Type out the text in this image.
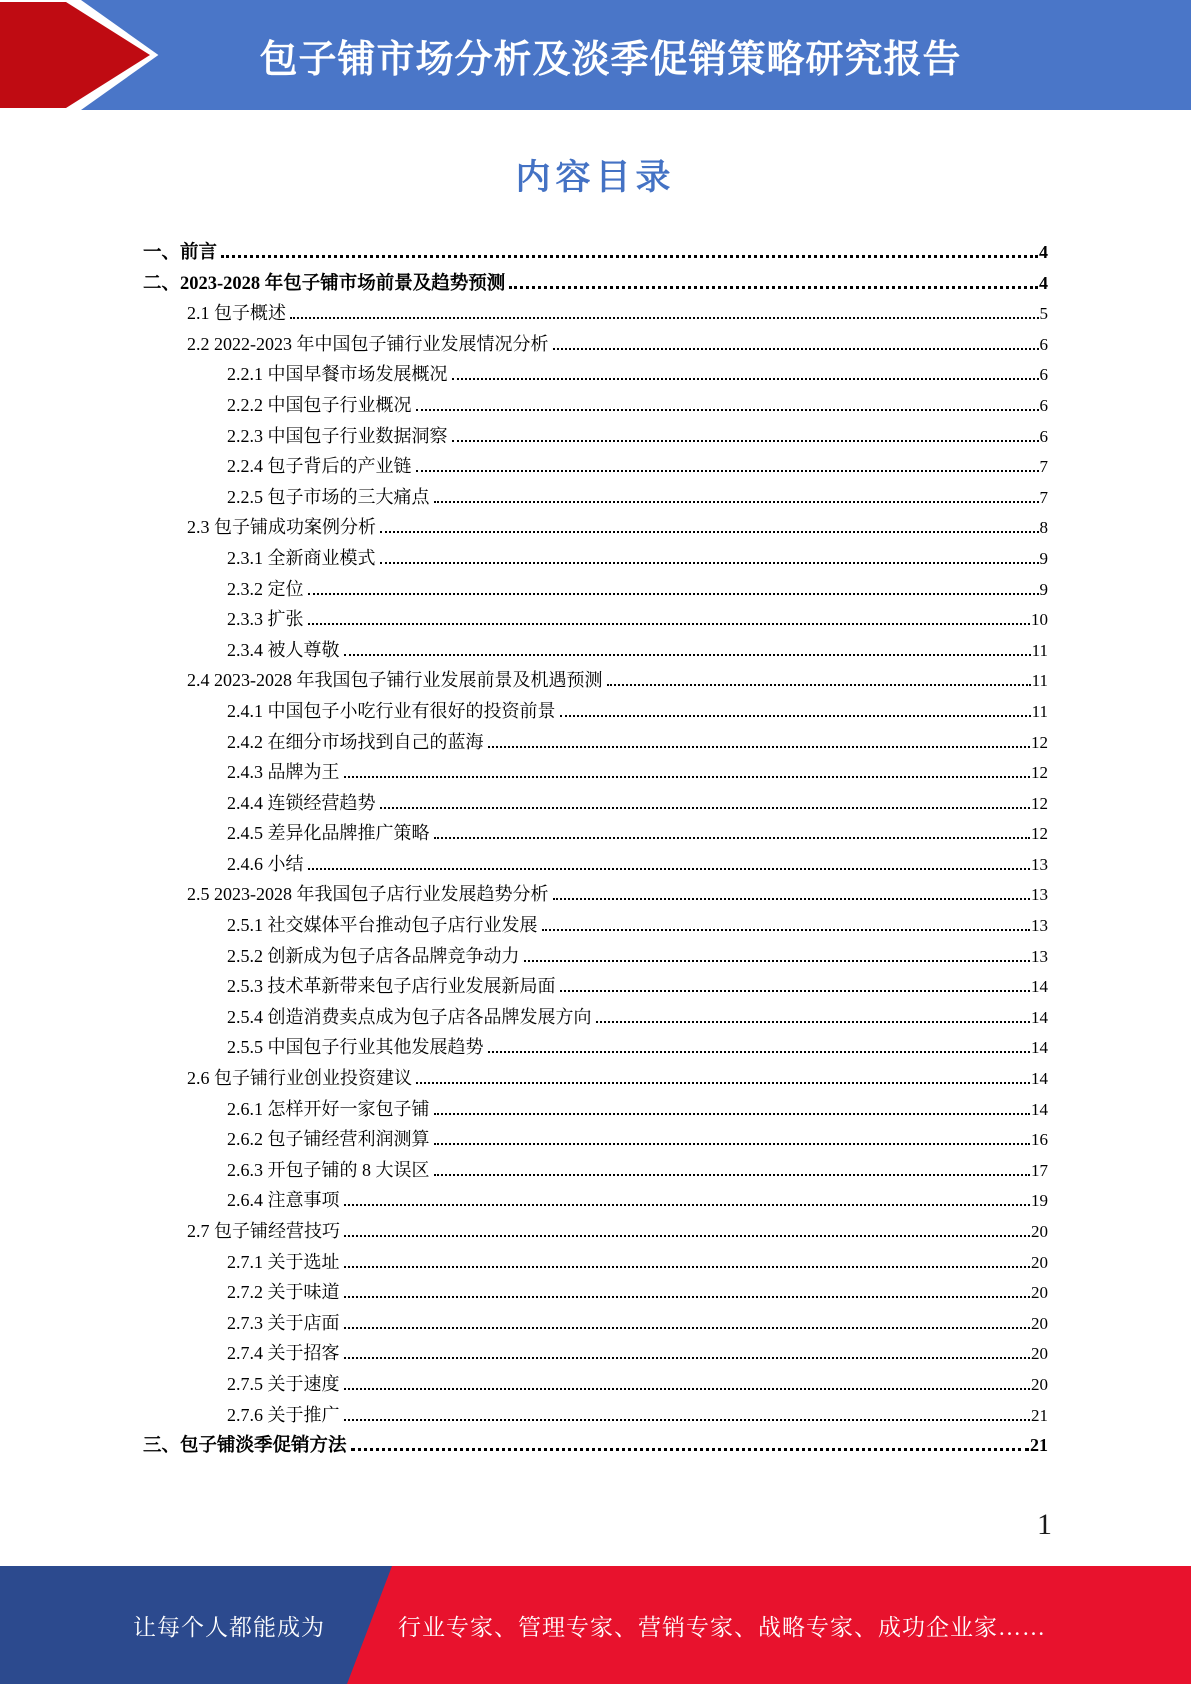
包子铺市场分析及淡季促销策略研究报告
内容目录
一、前言	4
二、2023-2028 年包子铺市场前景及趋势预测	4
2.1 包子概述	5
2.2 2022-2023 年中国包子铺行业发展情况分析	6
2.2.1 中国早餐市场发展概况	6
2.2.2 中国包子行业概况	6
2.2.3 中国包子行业数据洞察	6
2.2.4 包子背后的产业链	7
2.2.5 包子市场的三大痛点	7
2.3 包子铺成功案例分析	8
2.3.1 全新商业模式	9
2.3.2 定位	9
2.3.3 扩张	10
2.3.4 被人尊敬	11
2.4 2023-2028 年我国包子铺行业发展前景及机遇预测	11
2.4.1 中国包子小吃行业有很好的投资前景	11
2.4.2 在细分市场找到自己的蓝海	12
2.4.3 品牌为王	12
2.4.4 连锁经营趋势	12
2.4.5 差异化品牌推广策略	12
2.4.6 小结	13
2.5 2023-2028 年我国包子店行业发展趋势分析	13
2.5.1 社交媒体平台推动包子店行业发展	13
2.5.2 创新成为包子店各品牌竞争动力	13
2.5.3 技术革新带来包子店行业发展新局面	14
2.5.4 创造消费卖点成为包子店各品牌发展方向	14
2.5.5 中国包子行业其他发展趋势	14
2.6 包子铺行业创业投资建议	14
2.6.1 怎样开好一家包子铺	14
2.6.2 包子铺经营利润测算	16
2.6.3 开包子铺的 8 大误区	17
2.6.4 注意事项	19
2.7 包子铺经营技巧	20
2.7.1 关于选址	20
2.7.2 关于味道	20
2.7.3 关于店面	20
2.7.4 关于招客	20
2.7.5 关于速度	20
2.7.6 关于推广	21
三、包子铺淡季促销方法	21
1
行业专家、管理专家、营销专家、战略专家、成功企业家……
让每个人都能成为
